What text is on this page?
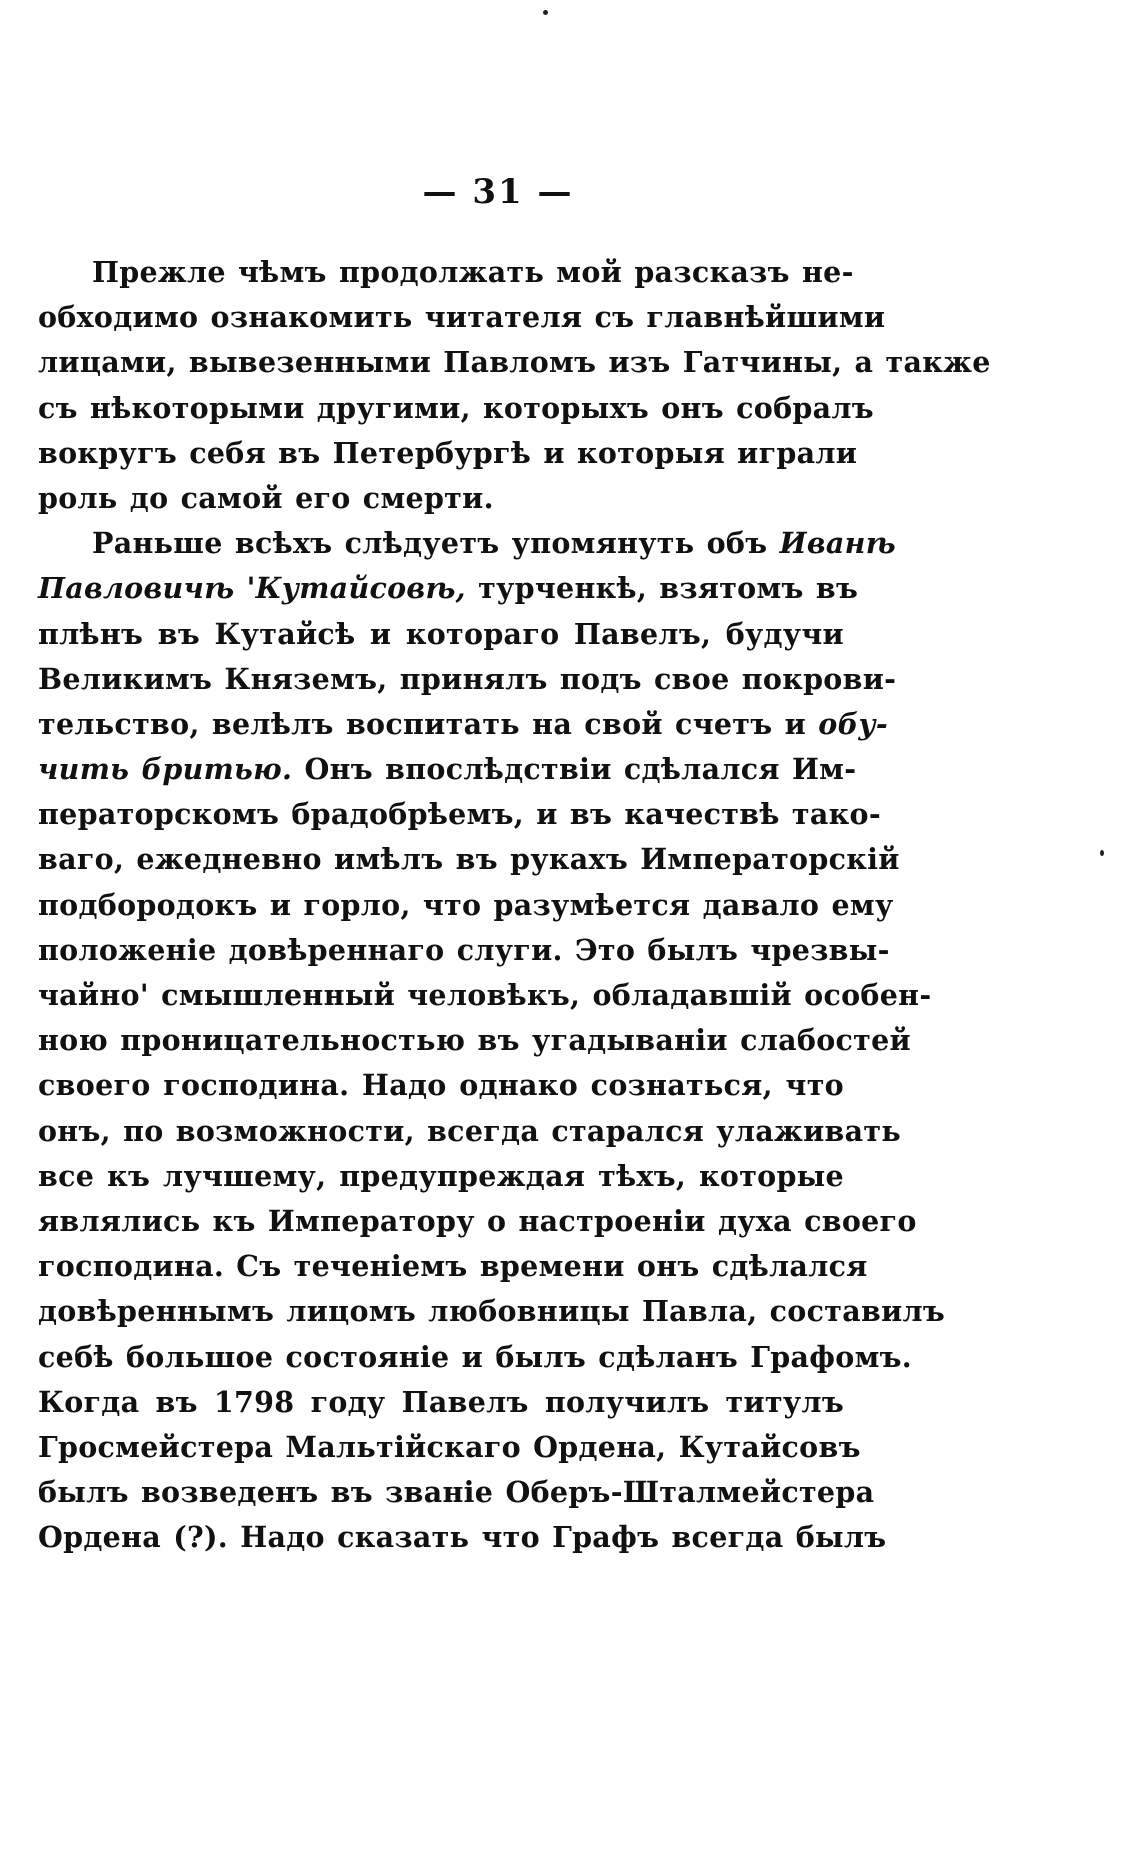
— 31 —
Прежле чѣмъ продолжать мой разсказъ не-
обходимо ознакомить читателя съ главнѣйшими
лицами, вывезенными Павломъ изъ Гатчины, а также
съ нѣкоторыми другими, которыхъ онъ собралъ
вокругъ себя въ Петербургѣ и которыя играли
роль до самой его смерти.
Раньше всѣхъ слѣдуетъ упомянуть объ Иванѣ
Павловичѣ 'Кутайсовѣ, турченкѣ, взятомъ въ
плѣнъ въ Кутайсѣ и котораго Павелъ, будучи
Великимъ Княземъ, принялъ подъ свое покрови-
тельство, велѣлъ воспитать на свой счетъ и обу-
чить бритью. Онъ впослѣдствіи сдѣлался Им-
ператорскомъ брадобрѣемъ, и въ качествѣ тако-
ваго, ежедневно имѣлъ въ рукахъ Императорскій
подбородокъ и горло, что разумѣется давало ему
положеніе довѣреннаго слуги. Это былъ чрезвы-
чайно' смышленный человѣкъ, обладавшій особен-
ною проницательностью въ угадываніи слабостей
своего господина. Надо однако сознаться, что
онъ, по возможности, всегда старался улаживать
все къ лучшему, предупреждая тѣхъ, которые
являлись къ Императору о настроеніи духа своего
господина. Съ теченіемъ времени онъ сдѣлался
довѣреннымъ лицомъ любовницы Павла, составилъ
себѣ большое состояніе и былъ сдѣланъ Графомъ.
Когда въ 1798 году Павелъ получилъ титулъ
Гросмейстера Мальтійскаго Ордена, Кутайсовъ
былъ возведенъ въ званіе Оберъ-Шталмейстера
Ордена (?). Надо сказать что Графъ всегда былъ
